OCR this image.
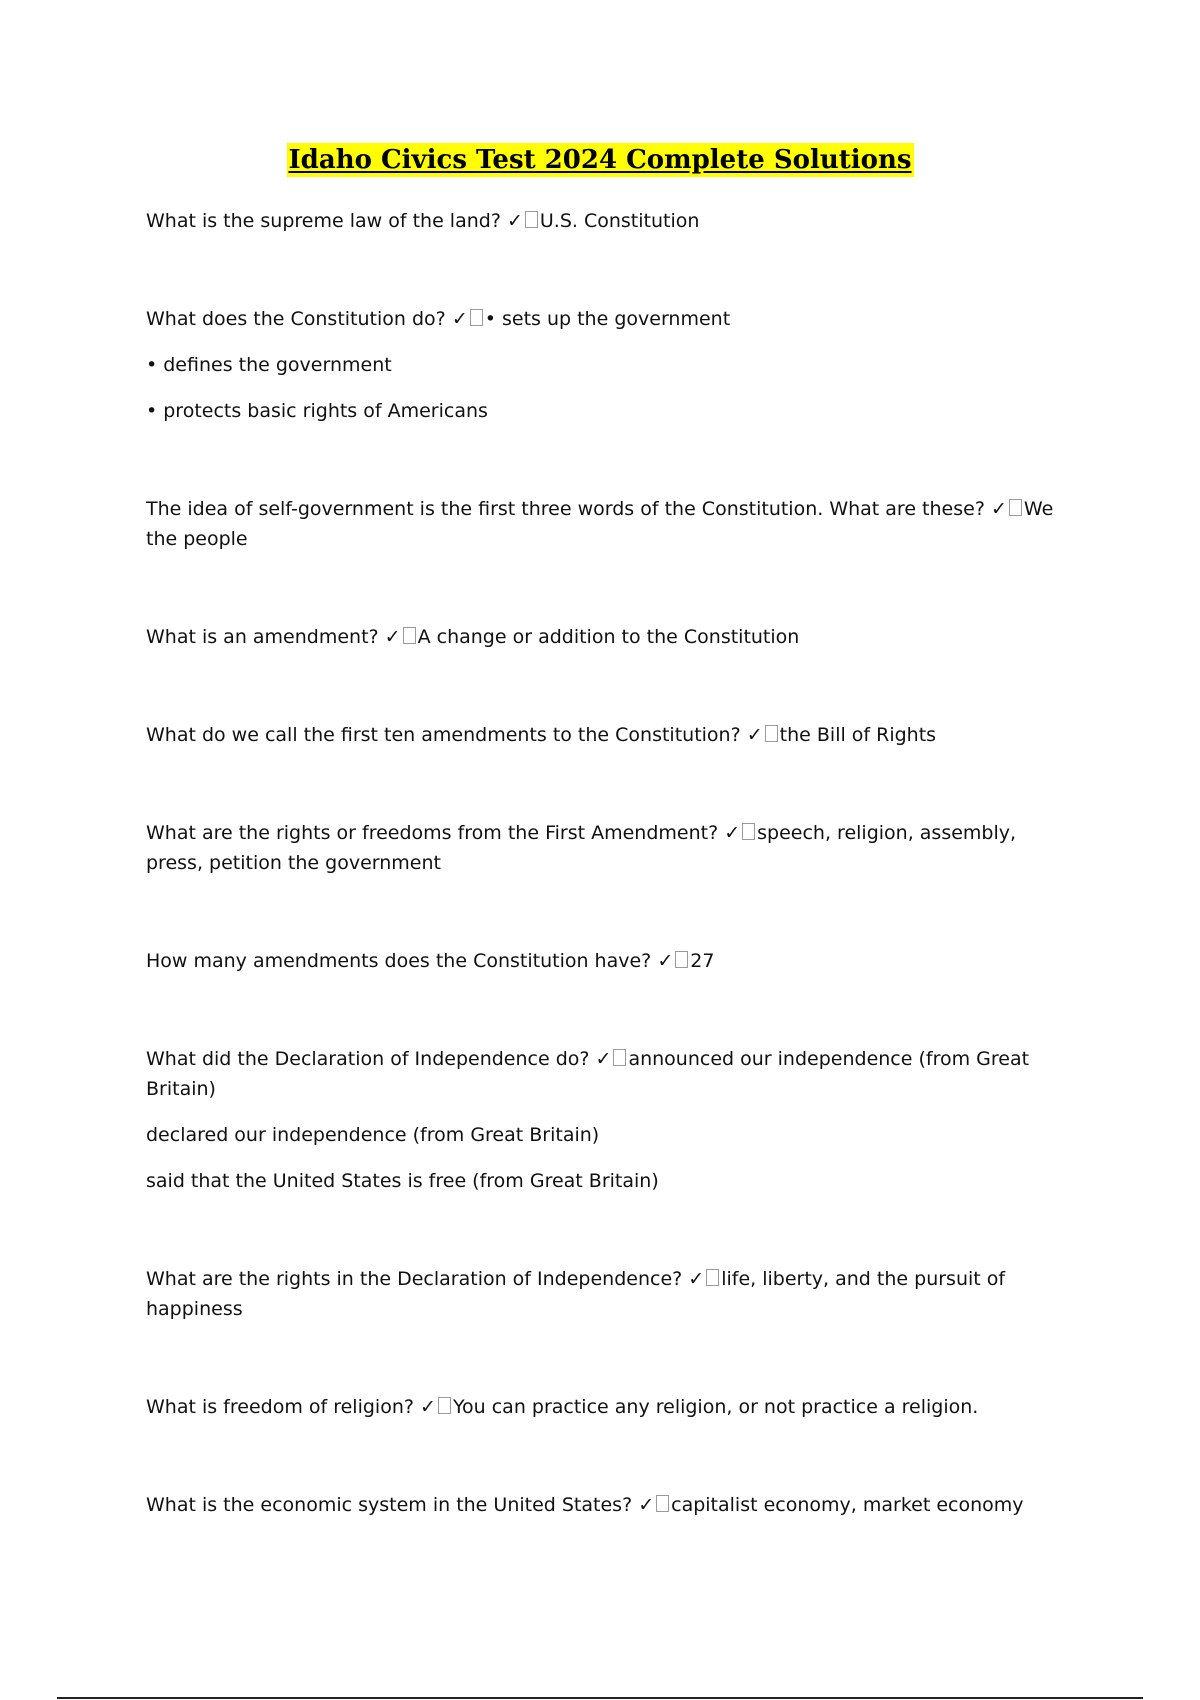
Idaho Civics Test 2024 Complete Solutions

What is the supreme law of the land? ✓ U.S. Constitution

What does the Constitution do? ✓ • sets up the government

• defines the government

• protects basic rights of Americans

The idea of self-government is the first three words of the Constitution. What are these? ✓ We the people

What is an amendment? ✓ A change or addition to the Constitution

What do we call the first ten amendments to the Constitution? ✓ the Bill of Rights

What are the rights or freedoms from the First Amendment? ✓ speech, religion, assembly, press, petition the government

How many amendments does the Constitution have? ✓ 27

What did the Declaration of Independence do? ✓ announced our independence (from Great Britain)

declared our independence (from Great Britain)

said that the United States is free (from Great Britain)

What are the rights in the Declaration of Independence? ✓ life, liberty, and the pursuit of happiness

What is freedom of religion? ✓ You can practice any religion, or not practice a religion.

What is the economic system in the United States? ✓ capitalist economy, market economy
